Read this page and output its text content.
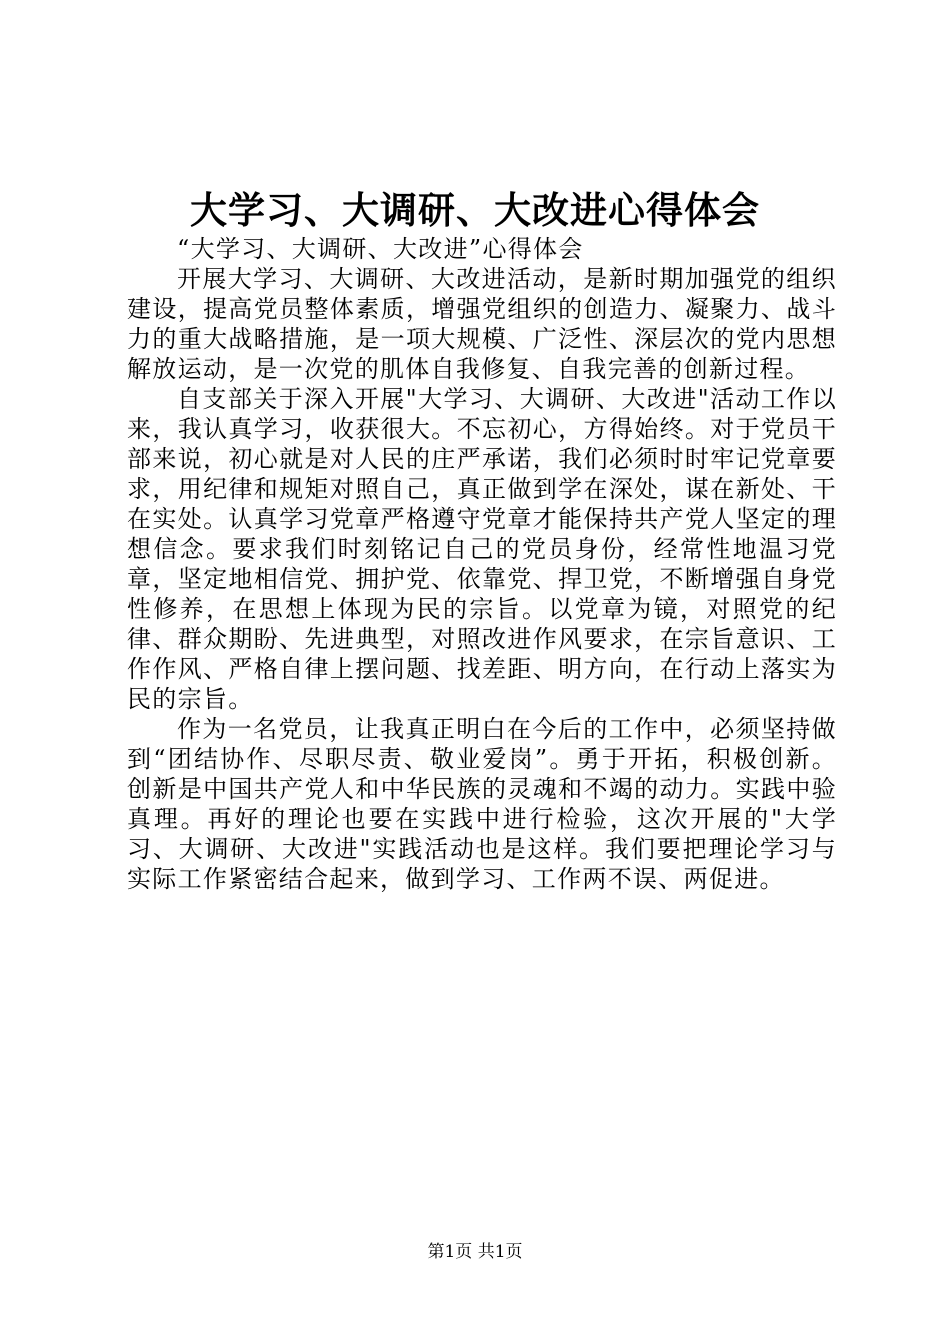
大学习、大调研、大改进心得体会

“大学习、大调研、大改进”心得体会

开展大学习、大调研、大改进活动，是新时期加强党的组织建设，提高党员整体素质，增强党组织的创造力、凝聚力、战斗力的重大战略措施，是一项大规模、广泛性、深层次的党内思想解放运动，是一次党的肌体自我修复、自我完善的创新过程。

自支部关于深入开展"大学习、大调研、大改进"活动工作以来，我认真学习，收获很大。不忘初心，方得始终。对于党员干部来说，初心就是对人民的庄严承诺，我们必须时时牢记党章要求，用纪律和规矩对照自己，真正做到学在深处，谋在新处、干在实处。认真学习党章严格遵守党章才能保持共产党人坚定的理想信念。要求我们时刻铭记自己的党员身份，经常性地温习党章，坚定地相信党、拥护党、依靠党、捍卫党，不断增强自身党性修养，在思想上体现为民的宗旨。以党章为镜，对照党的纪律、群众期盼、先进典型，对照改进作风要求，在宗旨意识、工作作风、严格自律上摆问题、找差距、明方向，在行动上落实为民的宗旨。

作为一名党员，让我真正明白在今后的工作中，必须坚持做到“团结协作、尽职尽责、敬业爱岗”。勇于开拓，积极创新。创新是中国共产党人和中华民族的灵魂和不竭的动力。实践中验真理。再好的理论也要在实践中进行检验，这次开展的"大学习、大调研、大改进"实践活动也是这样。我们要把理论学习与实际工作紧密结合起来，做到学习、工作两不误、两促进。

第1页 共1页
